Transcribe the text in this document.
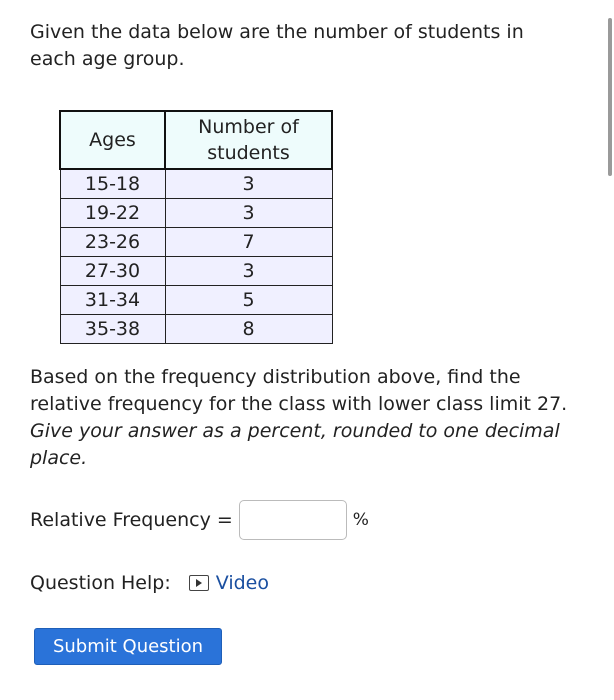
Given the data below are the number of students in each age group.

Ages	Number of students
15-18	3
19-22	3
23-26	7
27-30	3
31-34	5
35-38	8

Based on the frequency distribution above, find the relative frequency for the class with lower class limit 27. Give your answer as a percent, rounded to one decimal place.

Relative Frequency =	%
Question Help: Video
Submit Question
